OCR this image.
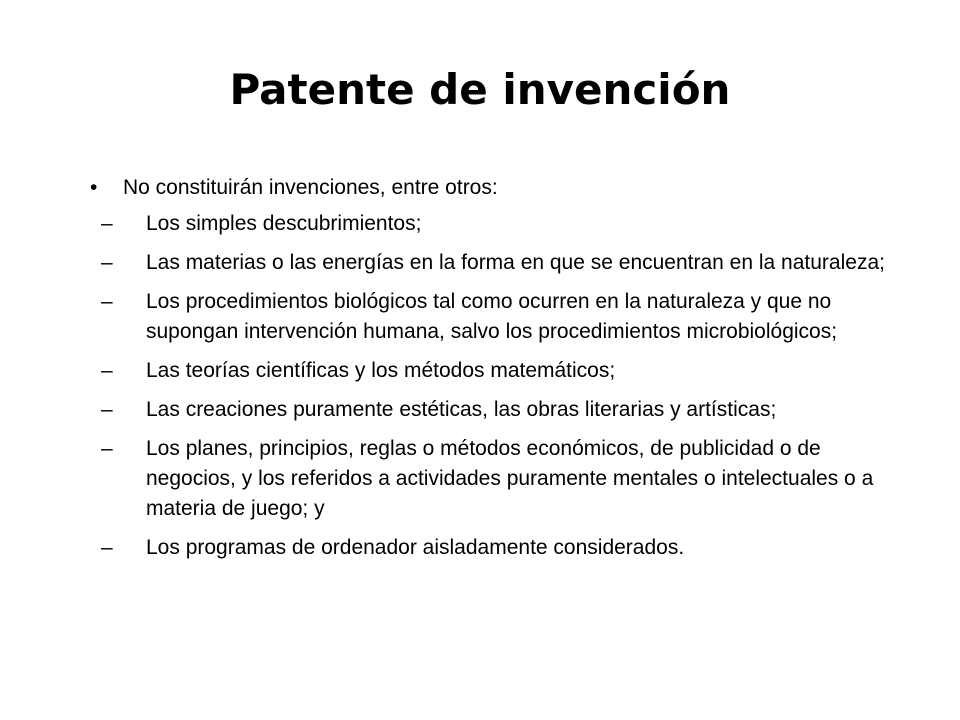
Patente de invención
• No constituirán invenciones, entre otros:
– Los simples descubrimientos;
– Las materias o las energías en la forma en que se encuentran en la naturaleza;
– Los procedimientos biológicos tal como ocurren en la naturaleza y que no supongan intervención humana, salvo los procedimientos microbiológicos;
– Las teorías científicas y los métodos matemáticos;
– Las creaciones puramente estéticas, las obras literarias y artísticas;
– Los planes, principios, reglas o métodos económicos, de publicidad o de negocios, y los referidos a actividades puramente mentales o intelectuales o a materia de juego; y
– Los programas de ordenador aisladamente considerados.
